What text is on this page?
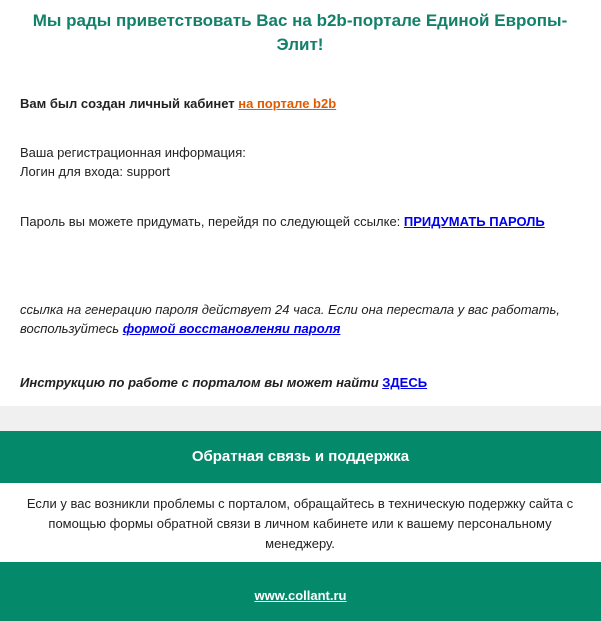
Мы рады приветствовать Вас на b2b-портале Единой Европы-Элит!
Вам был создан личный кабинет на портале b2b
Ваша регистрационная информация:
Логин для входа: support
Пароль вы можете придумать, перейдя по следующей ссылке: ПРИДУМАТЬ ПАРОЛЬ
ссылка на генерацию пароля действует 24 часа. Если она перестала у вас работать, воспользуйтесь формой восстановленяи пароля
Инструкцию по работе с порталом вы может найти ЗДЕСЬ
Обратная связь и поддержка
Если у вас возникли проблемы с порталом, обращайтесь в техническую подержку сайта с помощью формы обратной связи в личном кабинете или к вашему персональному менеджеру.
www.collant.ru
